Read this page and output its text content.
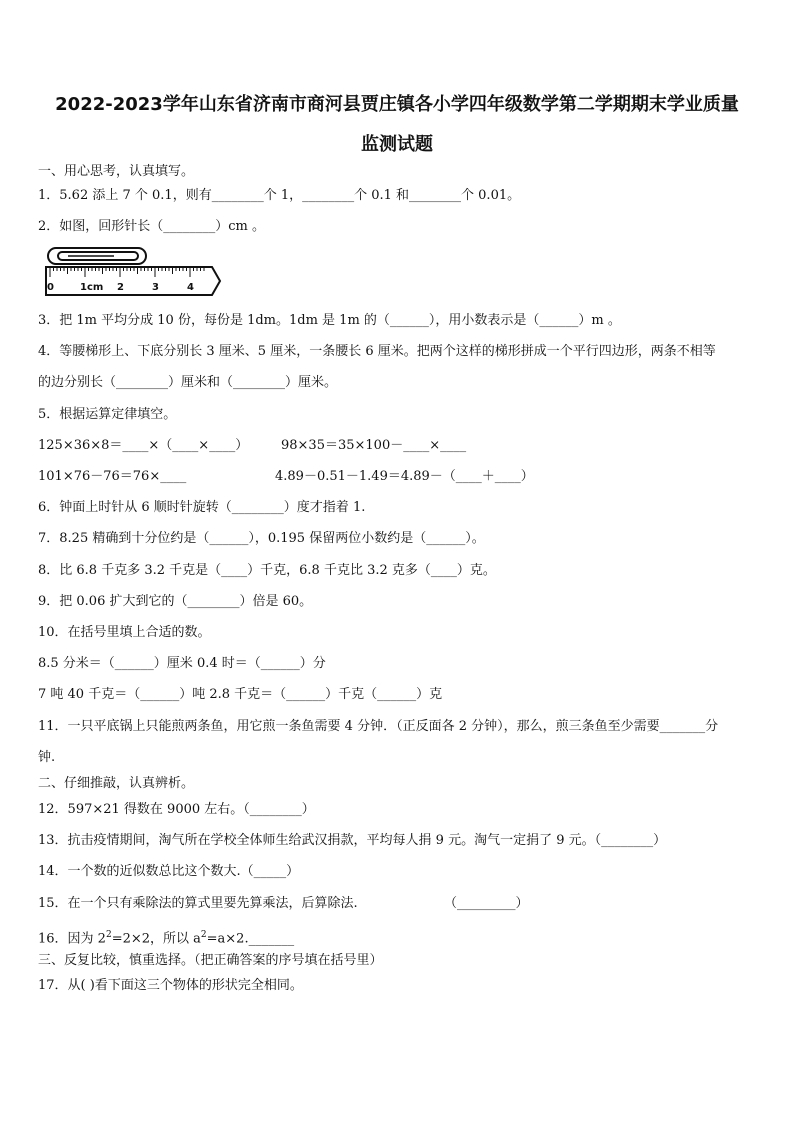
2022-2023学年山东省济南市商河县贾庄镇各小学四年级数学第二学期期末学业质量
监测试题
一、用心思考，认真填写。
1．5.62 添上 7 个 0.1，则有________个 1，________个 0.1 和________个 0.01。
2．如图，回形针长（________）cm 。
0	1cm 2	3	4
3．把 1m 平均分成 10 份，每份是 1dm。1dm 是 1m 的（______），用小数表示是（______）m 。
4．等腰梯形上、下底分别长 3 厘米、5 厘米，一条腰长 6 厘米。把两个这样的梯形拼成一个平行四边形，两条不相等
的边分别长（________）厘米和（________）厘米。
5．根据运算定律填空。
125×36×8＝____×（____×____）	98×35＝35×100－____×____
101×76－76＝76×____	4.89－0.51－1.49＝4.89－（____＋____）
6．钟面上时针从 6 顺时针旋转（________）度才指着 1.
7．8.25 精确到十分位约是（______），0.195 保留两位小数约是（______）。
8．比 6.8 千克多 3.2 千克是（____）千克，6.8 千克比 3.2 克多（____）克。
9．把 0.06 扩大到它的（________）倍是 60。
10．在括号里填上合适的数。
8.5 分米＝（______）厘米 0.4 时＝（______）分
7 吨 40 千克＝（______）吨 2.8 千克＝（______）千克（______）克
11．一只平底锅上只能煎两条鱼，用它煎一条鱼需要 4 分钟．（正反面各 2 分钟），那么，煎三条鱼至少需要_______分
钟.
二、仔细推敲，认真辨析。
12．597×21 得数在 9000 左右。（________）
13．抗击疫情期间，淘气所在学校全体师生给武汉捐款，平均每人捐 9 元。淘气一定捐了 9 元。（________）
14．一个数的近似数总比这个数大.（_____）
15．在一个只有乘除法的算式里要先算乘法，后算除法.	（_________）
16．因为 $2^2=2\times 2$，所以 $a^2=a\times 2.\_\_\_\_\_\_\_$
三、反复比较，慎重选择。（把正确答案的序号填在括号里）
17．从( )看下面这三个物体的形状完全相同。
